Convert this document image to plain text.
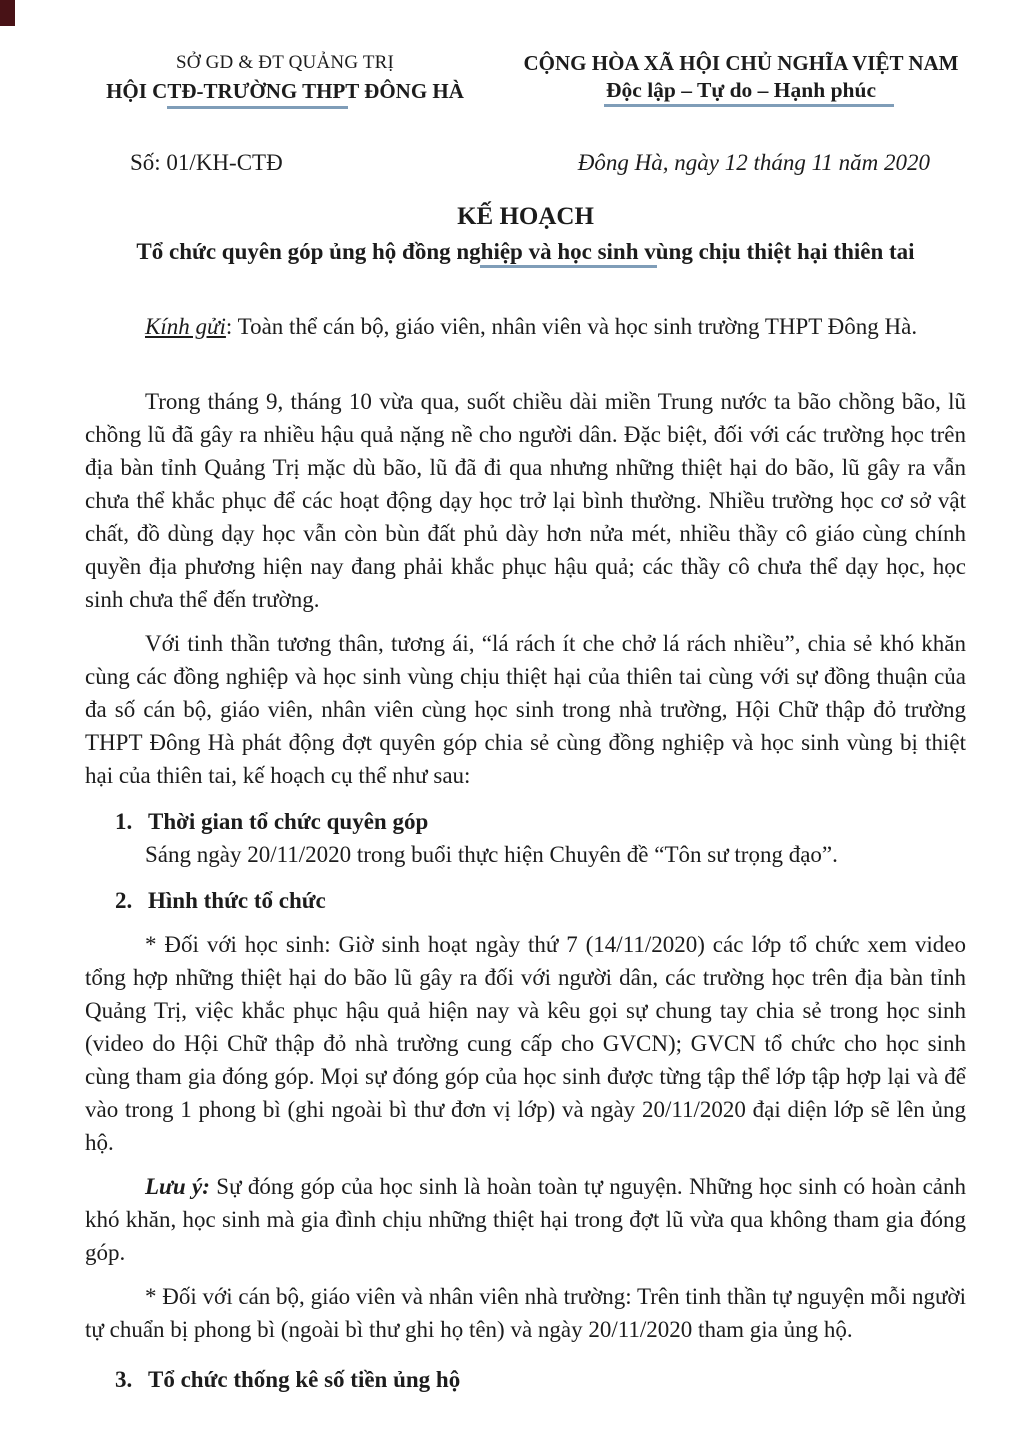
SỞ GD & ĐT QUẢNG TRỊ
HỘI CTĐ-TRƯỜNG THPT ĐÔNG HÀ
CỘNG HÒA XÃ HỘI CHỦ NGHĨA VIỆT NAM
Độc lập – Tự do – Hạnh phúc
Số: 01/KH-CTĐ	Đông Hà, ngày 12 tháng 11 năm 2020
KẾ HOẠCH
Tổ chức quyên góp ủng hộ đồng nghiệp và học sinh vùng chịu thiệt hại thiên tai

Kính gửi: Toàn thể cán bộ, giáo viên, nhân viên và học sinh trường THPT Đông Hà.

Trong tháng 9, tháng 10 vừa qua, suốt chiều dài miền Trung nước ta bão chồng bão, lũ chồng lũ đã gây ra nhiều hậu quả nặng nề cho người dân. Đặc biệt, đối với các trường học trên địa bàn tỉnh Quảng Trị mặc dù bão, lũ đã đi qua nhưng những thiệt hại do bão, lũ gây ra vẫn chưa thể khắc phục để các hoạt động dạy học trở lại bình thường. Nhiều trường học cơ sở vật chất, đồ dùng dạy học vẫn còn bùn đất phủ dày hơn nửa mét, nhiều thầy cô giáo cùng chính quyền địa phương hiện nay đang phải khắc phục hậu quả; các thầy cô chưa thể dạy học, học sinh chưa thể đến trường.

Với tinh thần tương thân, tương ái, “lá rách ít che chở lá rách nhiều”, chia sẻ khó khăn cùng các đồng nghiệp và học sinh vùng chịu thiệt hại của thiên tai cùng với sự đồng thuận của đa số cán bộ, giáo viên, nhân viên cùng học sinh trong nhà trường, Hội Chữ thập đỏ trường THPT Đông Hà phát động đợt quyên góp chia sẻ cùng đồng nghiệp và học sinh vùng bị thiệt hại của thiên tai, kế hoạch cụ thể như sau:

1. Thời gian tổ chức quyên góp

Sáng ngày 20/11/2020 trong buổi thực hiện Chuyên đề “Tôn sư trọng đạo”.

2. Hình thức tổ chức

* Đối với học sinh: Giờ sinh hoạt ngày thứ 7 (14/11/2020) các lớp tổ chức xem video tổng hợp những thiệt hại do bão lũ gây ra đối với người dân, các trường học trên địa bàn tỉnh Quảng Trị, việc khắc phục hậu quả hiện nay và kêu gọi sự chung tay chia sẻ trong học sinh (video do Hội Chữ thập đỏ nhà trường cung cấp cho GVCN); GVCN tổ chức cho học sinh cùng tham gia đóng góp. Mọi sự đóng góp của học sinh được từng tập thể lớp tập hợp lại và để vào trong 1 phong bì (ghi ngoài bì thư đơn vị lớp) và ngày 20/11/2020 đại diện lớp sẽ lên ủng hộ.

Lưu ý: Sự đóng góp của học sinh là hoàn toàn tự nguyện. Những học sinh có hoàn cảnh khó khăn, học sinh mà gia đình chịu những thiệt hại trong đợt lũ vừa qua không tham gia đóng góp.

* Đối với cán bộ, giáo viên và nhân viên nhà trường: Trên tinh thần tự nguyện mỗi người tự chuẩn bị phong bì (ngoài bì thư ghi họ tên) và ngày 20/11/2020 tham gia ủng hộ.

3. Tổ chức thống kê số tiền ủng hộ
